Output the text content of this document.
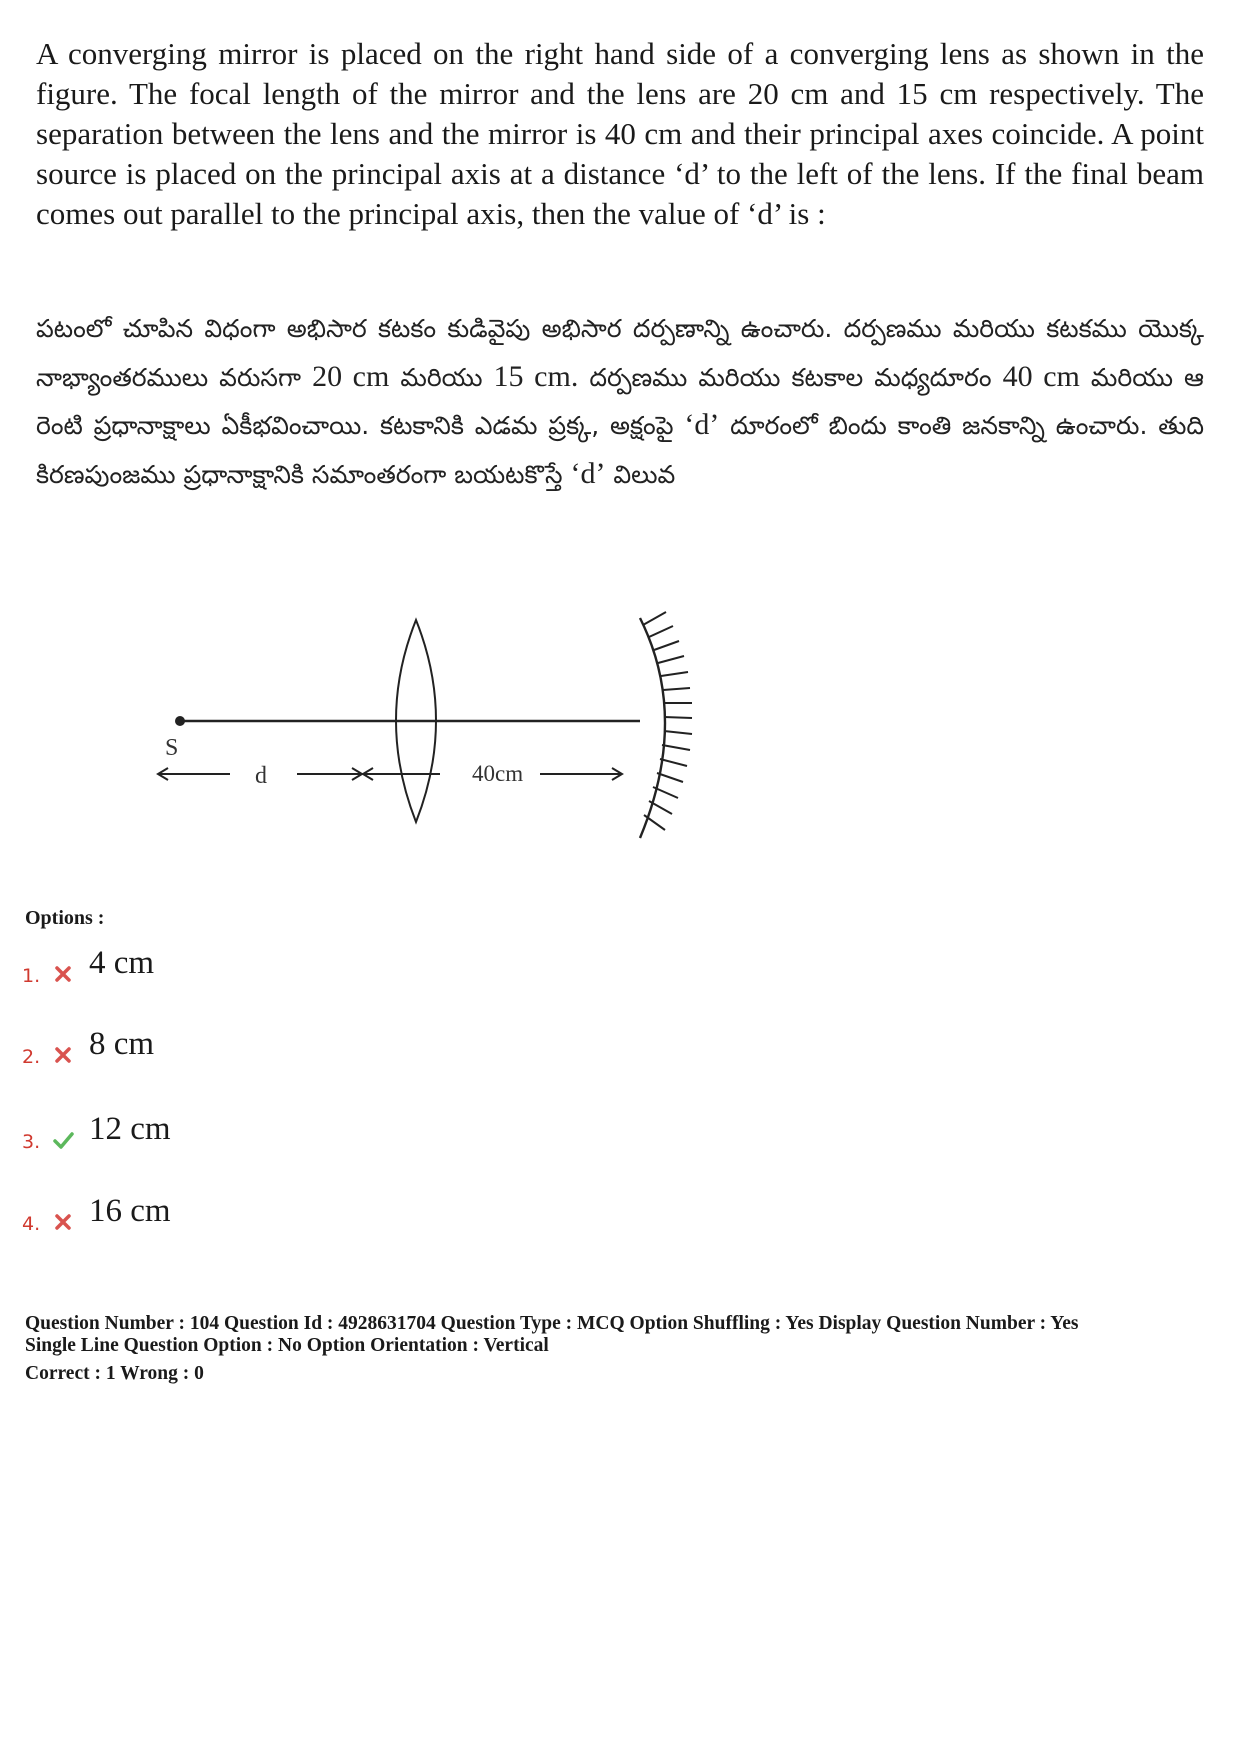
A converging mirror is placed on the right hand side of a converging lens as shown in the figure. The focal length of the mirror and the lens are 20 cm and 15 cm respectively. The separation between the lens and the mirror is 40 cm and their principal axes coincide. A point source is placed on the principal axis at a distance ‘d’ to the left of the lens. If the final beam comes out parallel to the principal axis, then the value of ‘d’ is :
పటంలో చూపిన విధంగా అభిసార కటకం కుడివైపు అభిసార దర్పణాన్ని ఉంచారు. దర్పణము మరియు కటకము యొక్క నాభ్యాంతరములు వరుసగా 20 cm మరియు 15 cm. దర్పణము మరియు కటకాల మధ్యదూరం 40 cm మరియు ఆ రెంటి ప్రధానాక్షాలు ఏకీభవించాయి. కటకానికి ఎడమ ప్రక్క, అక్షంపై ‘d’ దూరంలో బిందు కాంతి జనకాన్ని ఉంచారు. తుది కిరణపుంజము ప్రధానాక్షానికి సమాంతరంగా బయటకొస్తే ‘d’ విలువ
S
d	40cm
Options :
1. 4 cm
2. 8 cm
3. 12 cm
4. 16 cm
Question Number : 104 Question Id : 4928631704 Question Type : MCQ Option Shuffling : Yes Display Question Number : Yes
Single Line Question Option : No Option Orientation : Vertical
Correct : 1 Wrong : 0
